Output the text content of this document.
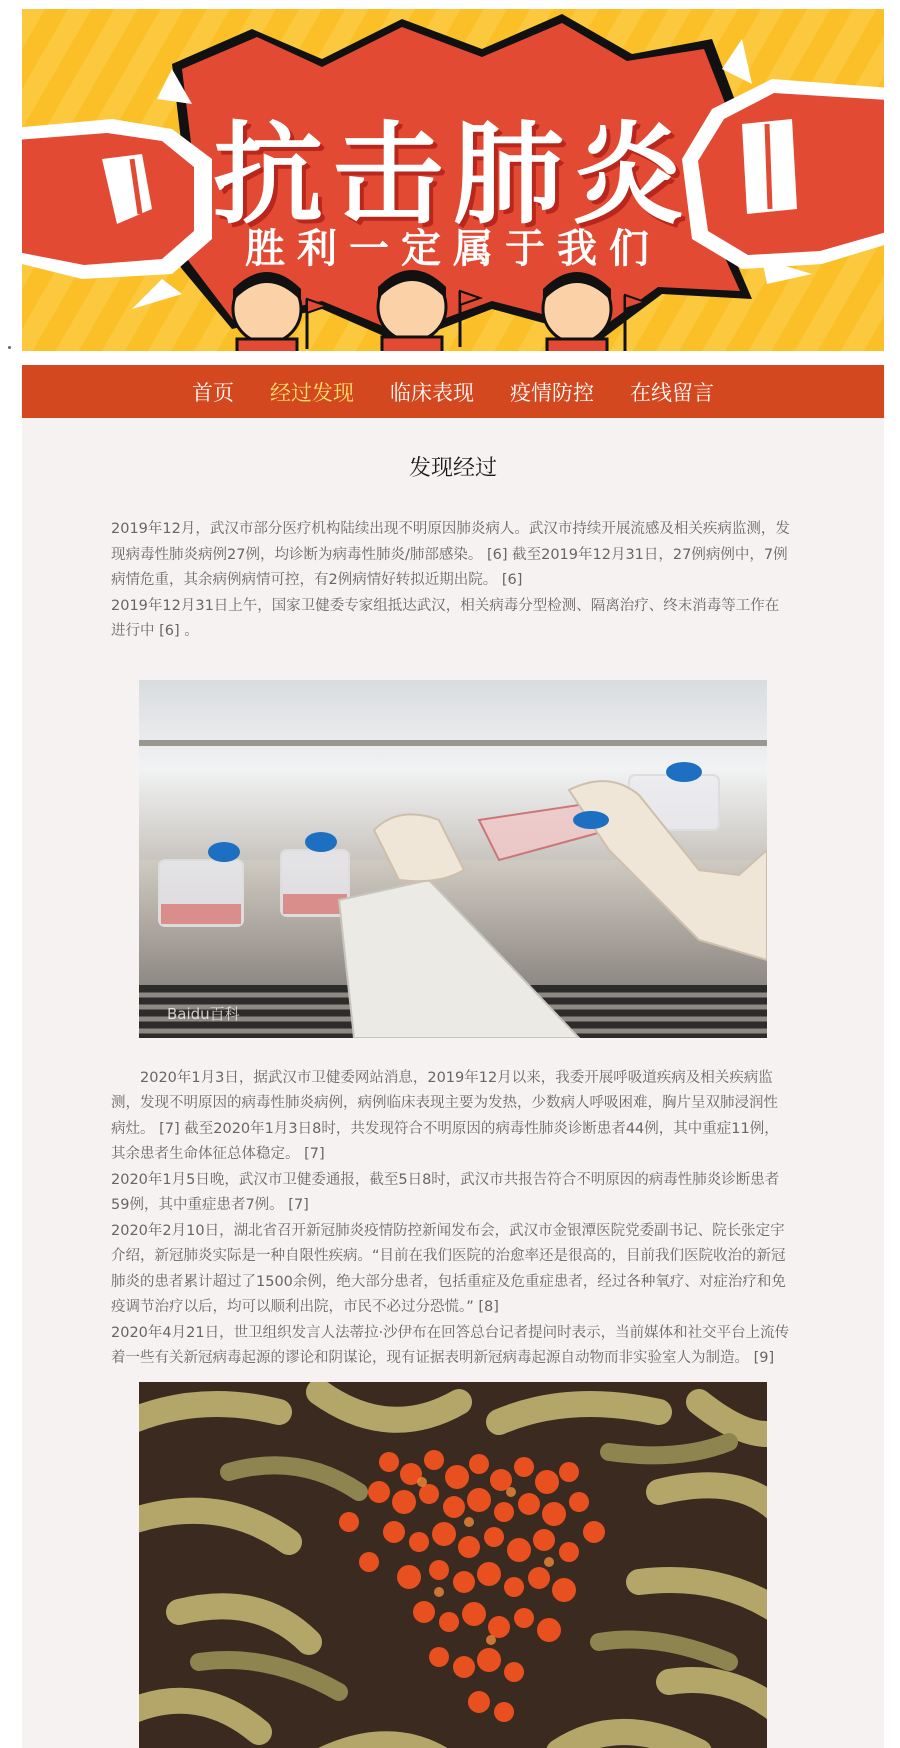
抗击肺炎
胜利一定属于我们
首页	经过发现	临床表现	疫情防控	在线留言
发现经过

2019年12月，武汉市部分医疗机构陆续出现不明原因肺炎病人。武汉市持续开展流感及相关疾病监测，发现病毒性肺炎病例27例，均诊断为病毒性肺炎/肺部感染。 [6] 截至2019年12月31日，27例病例中，7例病情危重，其余病例病情可控，有2例病情好转拟近期出院。 [6]

2019年12月31日上午，国家卫健委专家组抵达武汉，相关病毒分型检测、隔离治疗、终末消毒等工作在进行中 [6] 。

Baidu百科

2020年1月3日，据武汉市卫健委网站消息，2019年12月以来，我委开展呼吸道疾病及相关疾病监测，发现不明原因的病毒性肺炎病例，病例临床表现主要为发热，少数病人呼吸困难，胸片呈双肺浸润性病灶。 [7] 截至2020年1月3日8时，共发现符合不明原因的病毒性肺炎诊断患者44例，其中重症11例，其余患者生命体征总体稳定。 [7]

2020年1月5日晚，武汉市卫健委通报，截至5日8时，武汉市共报告符合不明原因的病毒性肺炎诊断患者59例，其中重症患者7例。 [7]

2020年2月10日，湖北省召开新冠肺炎疫情防控新闻发布会，武汉市金银潭医院党委副书记、院长张定宇介绍，新冠肺炎实际是一种自限性疾病。“目前在我们医院的治愈率还是很高的，目前我们医院收治的新冠肺炎的患者累计超过了1500余例，绝大部分患者，包括重症及危重症患者，经过各种氧疗、对症治疗和免疫调节治疗以后，均可以顺利出院，市民不必过分恐慌。” [8]

2020年4月21日，世卫组织发言人法蒂拉·沙伊布在回答总台记者提问时表示，当前媒体和社交平台上流传着一些有关新冠病毒起源的谬论和阴谋论，现有证据表明新冠病毒起源自动物而非实验室人为制造。 [9]
